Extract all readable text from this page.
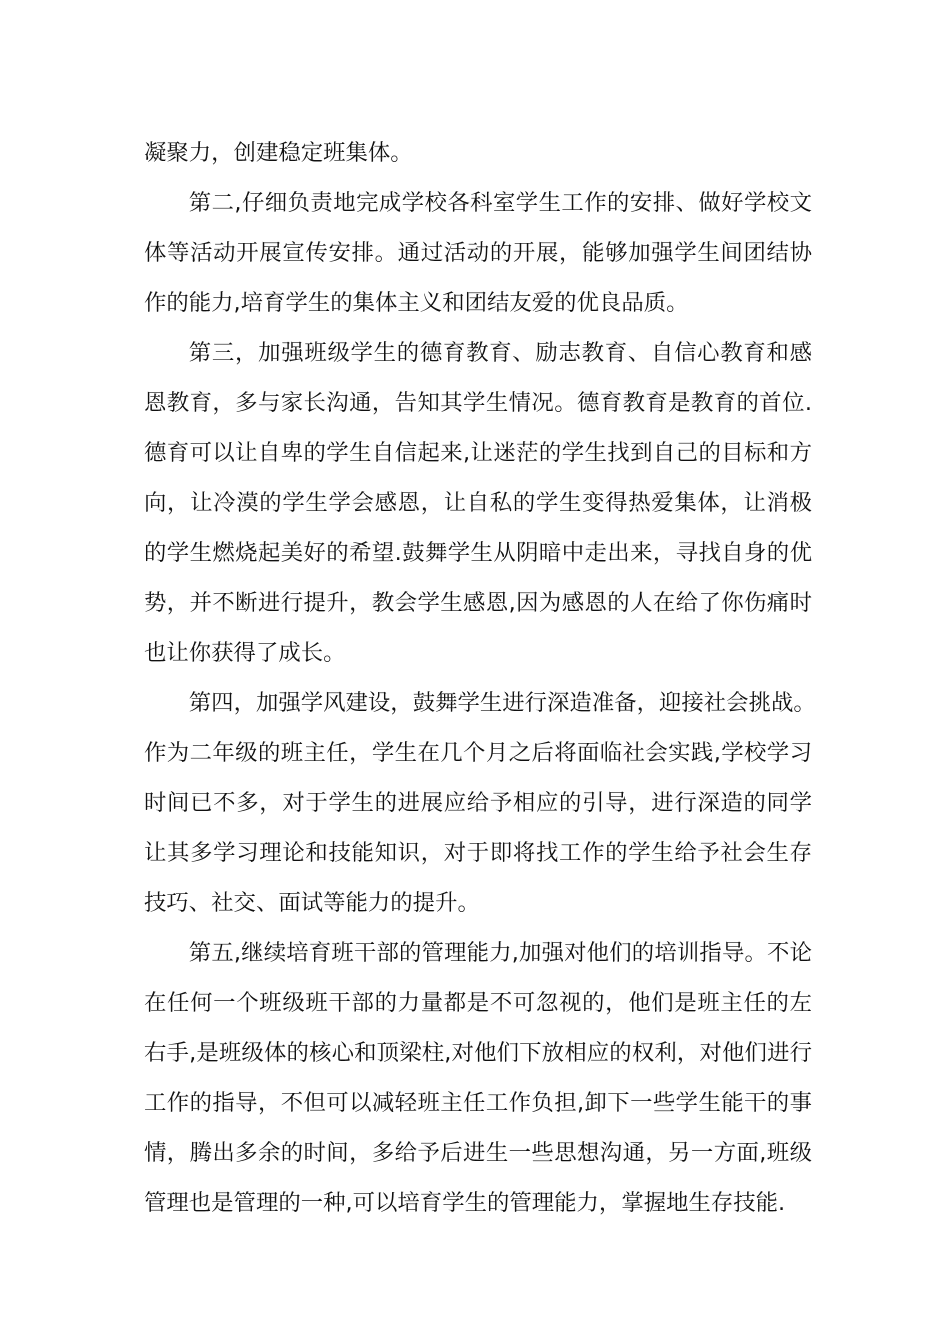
凝聚力，创建稳定班集体。
第二,仔细负责地完成学校各科室学生工作的安排、做好学校文
体等活动开展宣传安排。通过活动的开展，能够加强学生间团结协
作的能力,培育学生的集体主义和团结友爱的优良品质。
第三，加强班级学生的德育教育、励志教育、自信心教育和感
恩教育，多与家长沟通，告知其学生情况。德育教育是教育的首位.
德育可以让自卑的学生自信起来,让迷茫的学生找到自己的目标和方
向，让冷漠的学生学会感恩，让自私的学生变得热爱集体，让消极
的学生燃烧起美好的希望.鼓舞学生从阴暗中走出来，寻找自身的优
势，并不断进行提升，教会学生感恩,因为感恩的人在给了你伤痛时
也让你获得了成长。
第四，加强学风建设，鼓舞学生进行深造准备，迎接社会挑战。
作为二年级的班主任，学生在几个月之后将面临社会实践,学校学习
时间已不多，对于学生的进展应给予相应的引导，进行深造的同学
让其多学习理论和技能知识，对于即将找工作的学生给予社会生存
技巧、社交、面试等能力的提升。
第五,继续培育班干部的管理能力,加强对他们的培训指导。不论
在任何一个班级班干部的力量都是不可忽视的，他们是班主任的左
右手,是班级体的核心和顶梁柱,对他们下放相应的权利，对他们进行
工作的指导，不但可以减轻班主任工作负担,卸下一些学生能干的事
情，腾出多余的时间，多给予后进生一些思想沟通，另一方面,班级
管理也是管理的一种,可以培育学生的管理能力，掌握地生存技能.
